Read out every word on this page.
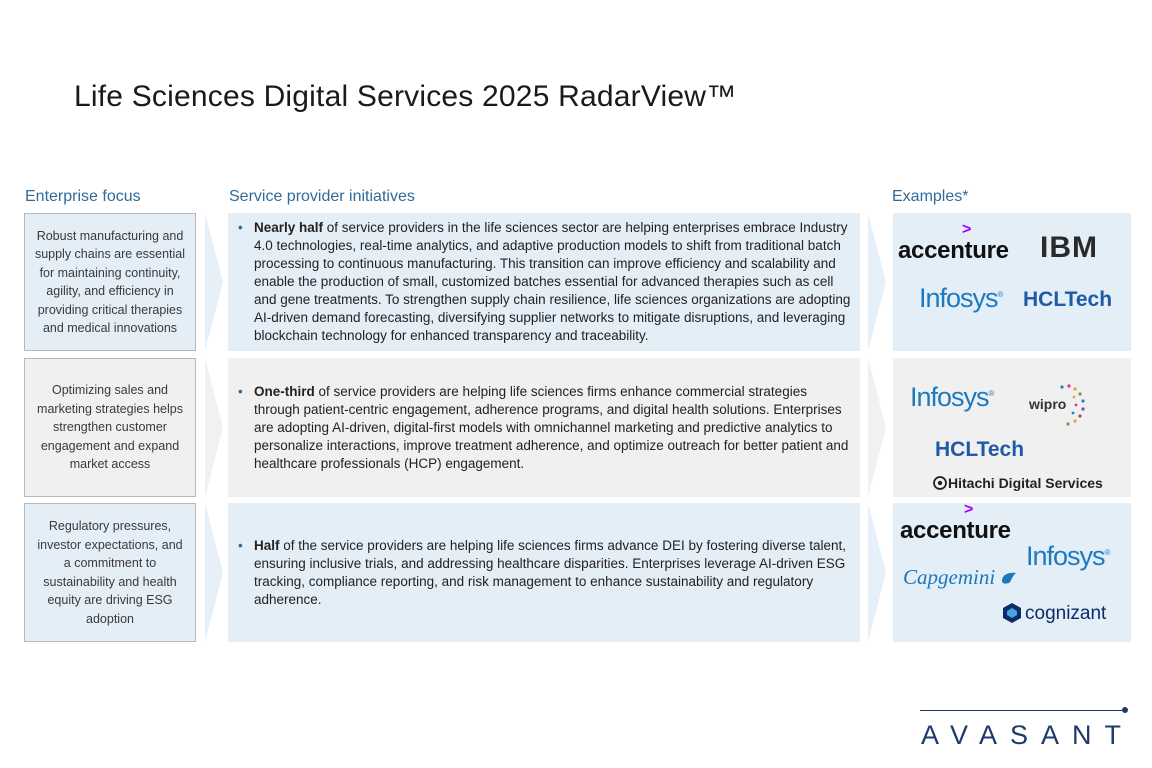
Life Sciences Digital Services 2025 RadarView™
Enterprise focus	Service provider initiatives	Examples*
Robust manufacturing and supply chains are essential for maintaining continuity, agility, and efficiency in providing critical therapies and medical innovations
• Nearly half of service providers in the life sciences sector are helping enterprises embrace Industry 4.0 technologies, real-time analytics, and adaptive production models to shift from traditional batch processing to continuous manufacturing. This transition can improve efficiency and scalability and enable the production of small, customized batches essential for advanced therapies such as cell and gene treatments. To strengthen supply chain resilience, life sciences organizations are adopting AI-driven demand forecasting, diversifying supplier networks to mitigate disruptions, and leveraging blockchain technology for enhanced transparency and traceability.
>
accenture IBM
Infosys® HCLTech
Optimizing sales and marketing strategies helps strengthen customer engagement and expand market access
• One-third of service providers are helping life sciences firms enhance commercial strategies through patient-centric engagement, adherence programs, and digital health solutions. Enterprises are adopting AI-driven, digital-first models with omnichannel marketing and predictive analytics to personalize interactions, improve treatment adherence, and optimize outreach for better patient and healthcare professionals (HCP) engagement.
Infosys®
wipro
HCLTech
Hitachi Digital Services
Regulatory pressures, investor expectations, and a commitment to sustainability and health equity are driving ESG adoption
• Half of the service providers are helping life sciences firms advance DEI by fostering diverse talent, ensuring inclusive trials, and addressing healthcare disparities. Enterprises leverage AI-driven ESG tracking, compliance reporting, and risk management to enhance sustainability and regulatory adherence.
>
accenture
Infosys®
Capgemini
cognizant
AVASANT
